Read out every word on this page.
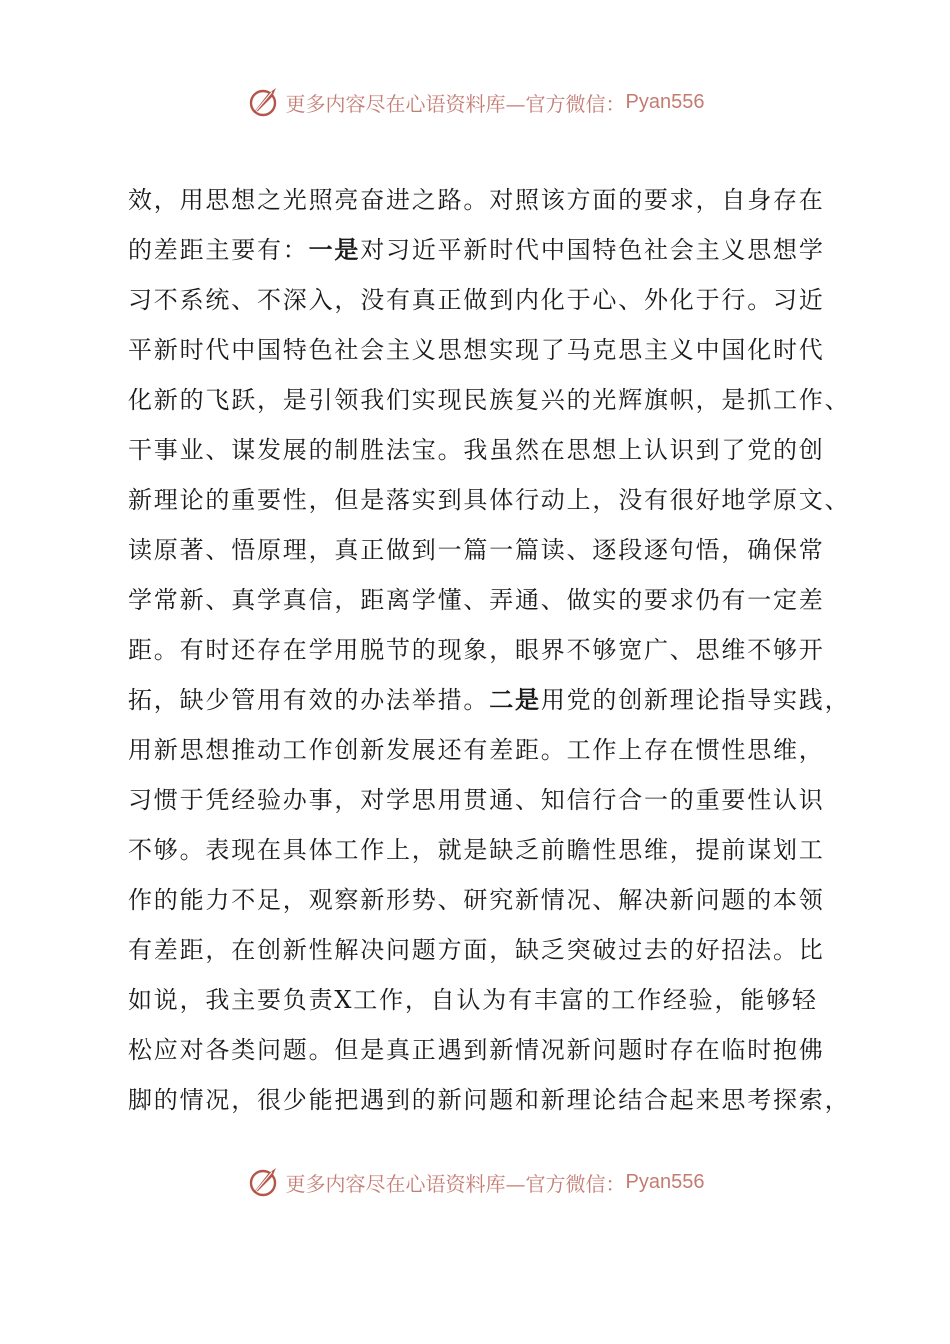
更多内容尽在心语资料库—官方微信： Pyan556
效，用思想之光照亮奋进之路。对照该方面的要求，自身存在
的差距主要有：一是对习近平新时代中国特色社会主义思想学
习不系统、不深入，没有真正做到内化于心、外化于行。习近
平新时代中国特色社会主义思想实现了马克思主义中国化时代
化新的飞跃，是引领我们实现民族复兴的光辉旗帜，是抓工作、
干事业、谋发展的制胜法宝。我虽然在思想上认识到了党的创
新理论的重要性，但是落实到具体行动上，没有很好地学原文、
读原著、悟原理，真正做到一篇一篇读、逐段逐句悟，确保常
学常新、真学真信，距离学懂、弄通、做实的要求仍有一定差
距。有时还存在学用脱节的现象，眼界不够宽广、思维不够开
拓，缺少管用有效的办法举措。二是用党的创新理论指导实践，
用新思想推动工作创新发展还有差距。工作上存在惯性思维，
习惯于凭经验办事，对学思用贯通、知信行合一的重要性认识
不够。表现在具体工作上，就是缺乏前瞻性思维，提前谋划工
作的能力不足，观察新形势、研究新情况、解决新问题的本领
有差距，在创新性解决问题方面，缺乏突破过去的好招法。比
如说，我主要负责X工作，自认为有丰富的工作经验，能够轻
松应对各类问题。但是真正遇到新情况新问题时存在临时抱佛
脚的情况，很少能把遇到的新问题和新理论结合起来思考探索，
更多内容尽在心语资料库—官方微信： Pyan556
